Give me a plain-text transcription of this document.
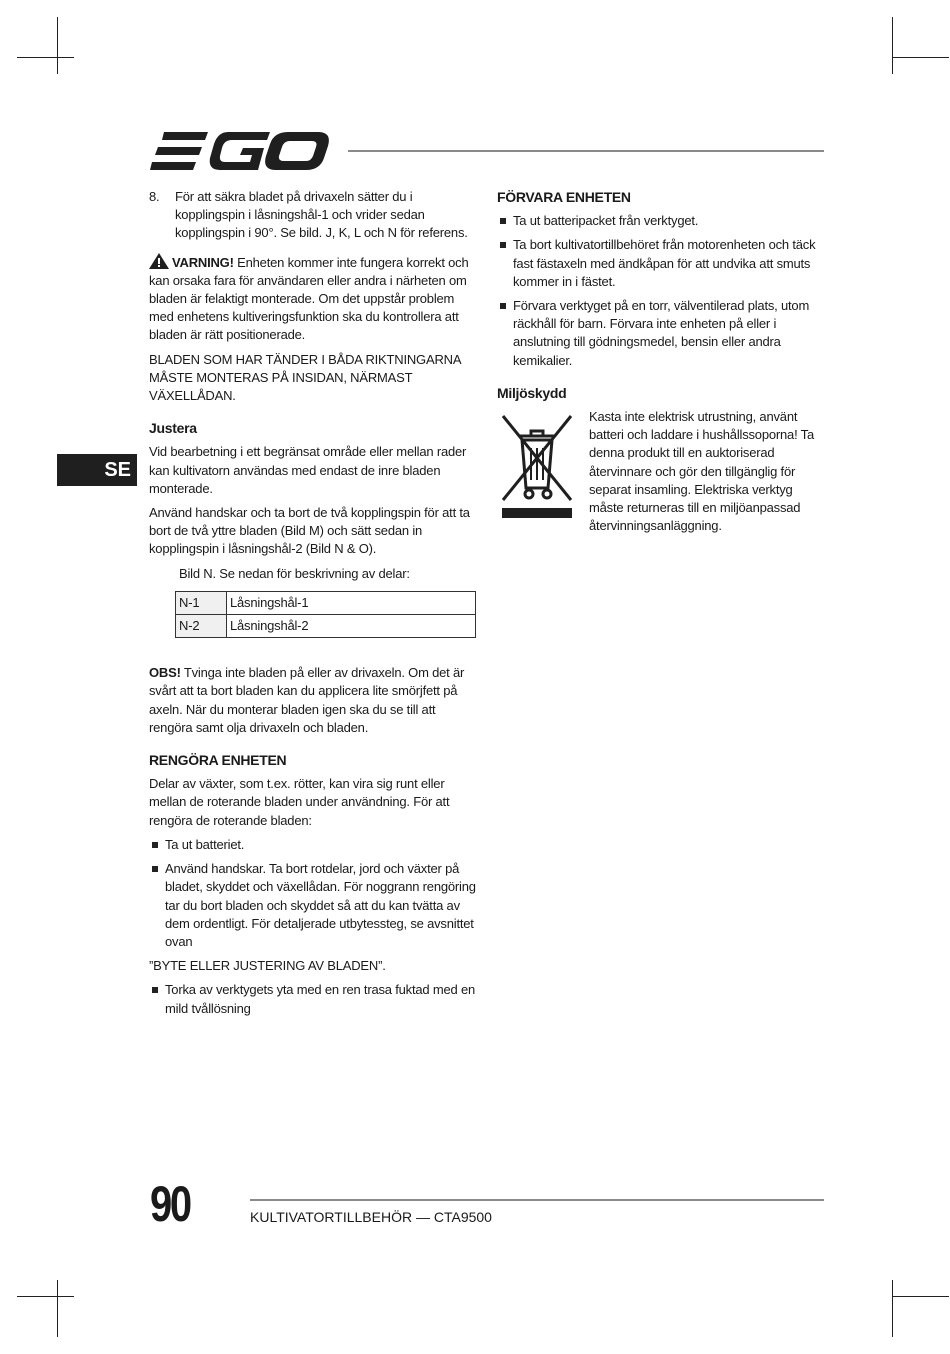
SE
8.	För att säkra bladet på drivaxeln sätter du i kopplingspin i låsningshål-1 och vrider sedan kopplingspin i 90°. Se bild. J, K, L och N för referens.

VARNING! Enheten kommer inte fungera korrekt och kan orsaka fara för användaren eller andra i närheten om bladen är felaktigt monterade. Om det uppstår problem med enhetens kultiveringsfunktion ska du kontrollera att bladen är rätt positionerade.

BLADEN SOM HAR TÄNDER I BÅDA RIKTNINGARNA MÅSTE MONTERAS PÅ INSIDAN, NÄRMAST VÄXELLÅDAN.

Justera

Vid bearbetning i ett begränsat område eller mellan rader kan kultivatorn användas med endast de inre bladen monterade.

Använd handskar och ta bort de två kopplingspin för att ta bort de två yttre bladen (Bild M) och sätt sedan in kopplingspin i låsningshål-2 (Bild N & O).

Bild N. Se nedan för beskrivning av delar:

N-1	Låsningshål-1
N-2	Låsningshål-2

OBS! Tvinga inte bladen på eller av drivaxeln. Om det är svårt att ta bort bladen kan du applicera lite smörjfett på axeln. När du monterar bladen igen ska du se till att rengöra samt olja drivaxeln och bladen.

RENGÖRA ENHETEN

Delar av växter, som t.ex. rötter, kan vira sig runt eller mellan de roterande bladen under användning. För att rengöra de roterande bladen:

Ta ut batteriet.
Använd handskar. Ta bort rotdelar, jord och växter på bladet, skyddet och växellådan. För noggrann rengöring tar du bort bladen och skyddet så att du kan tvätta av dem ordentligt. För detaljerade utbytessteg, se avsnittet ovan

”BYTE ELLER JUSTERING AV BLADEN”.

Torka av verktygets yta med en ren trasa fuktad med en mild tvållösning
FÖRVARA ENHETEN
Ta ut batteripacket från verktyget.
Ta bort kultivatortillbehöret från motorenheten och täck fast fästaxeln med ändkåpan för att undvika att smuts kommer in i fästet.
Förvara verktyget på en torr, välventilerad plats, utom räckhåll för barn. Förvara inte enheten på eller i anslutning till gödningsmedel, bensin eller andra kemikalier.
Miljöskydd

Kasta inte elektrisk utrustning, använt batteri och laddare i hushållssoporna! Ta denna produkt till en auktoriserad återvinnare och gör den tillgänglig för separat insamling. Elektriska verktyg måste returneras till en miljöanpassad återvinningsanläggning.

90	KULTIVATORTILLBEHÖR — CTA9500
